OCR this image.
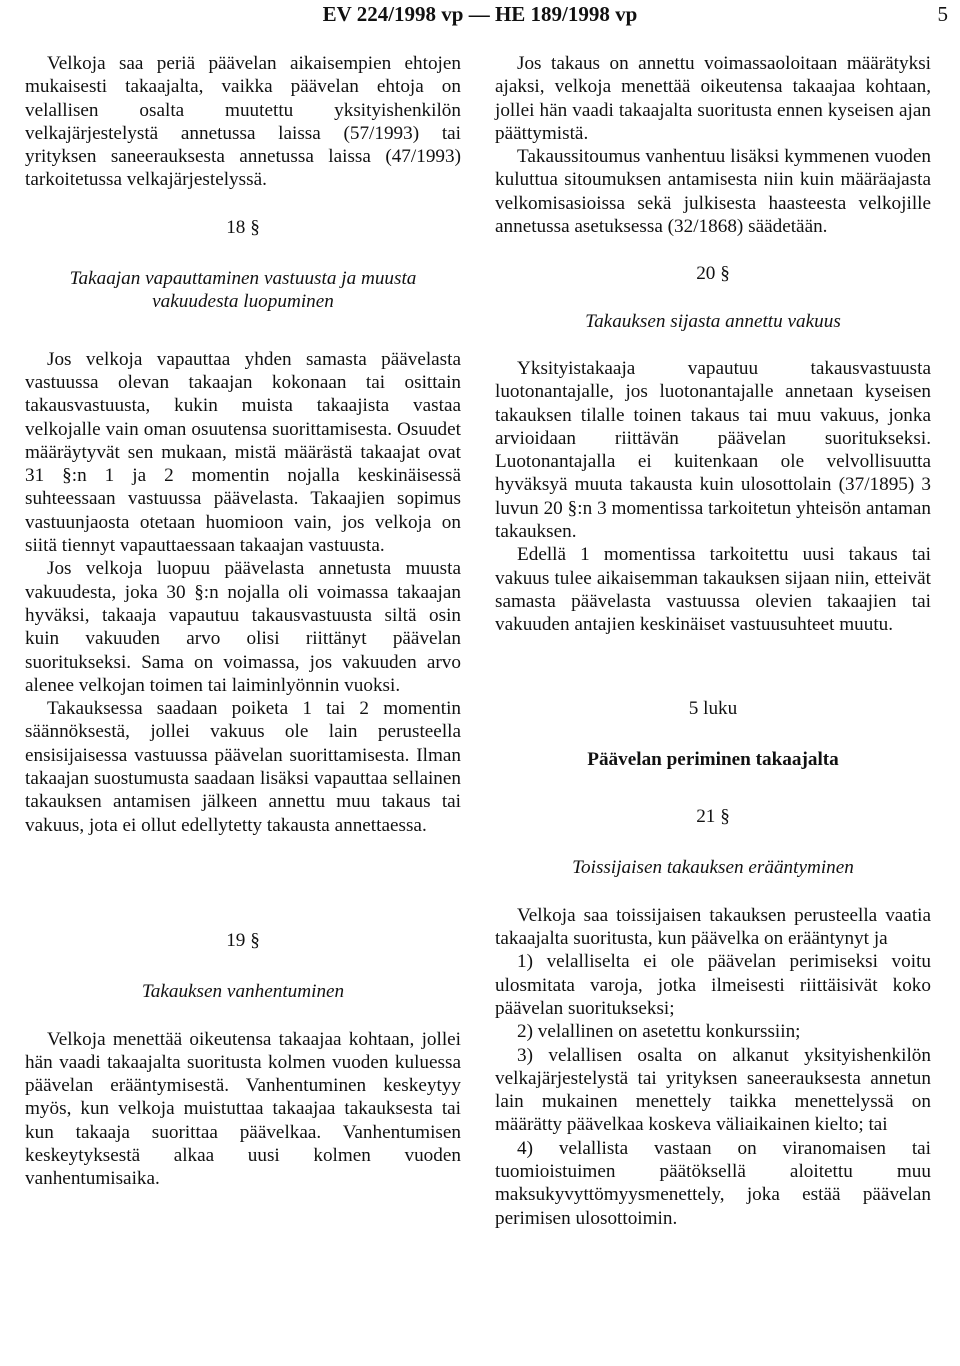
EV 224/1998 vp — HE 189/1998 vp	5

Velkoja saa periä päävelan aikaisempien ehtojen mukaisesti takaajalta, vaikka päävelan ehtoja on velallisen osalta muutettu yksityishenkilön velkajärjestelystä annetussa laissa (57/1993) tai yrityksen saneerauksesta annetussa laissa (47/1993) tarkoitetussa velkajärjestelyssä.

18 §

Takaajan vapauttaminen vastuusta ja muusta vakuudesta luopuminen

Jos velkoja vapauttaa yhden samasta päävelasta vastuussa olevan takaajan kokonaan tai osittain takausvastuusta, kukin muista takaajista vastaa velkojalle vain oman osuutensa suorittamisesta. Osuudet määräytyvät sen mukaan, mistä määrästä takaajat ovat 31 §:n 1 ja 2 momentin nojalla keskinäisessä suhteessaan vastuussa päävelasta. Takaajien sopimus vastuunjaosta otetaan huomioon vain, jos velkoja on siitä tiennyt vapauttaessaan takaajan vastuusta.

Jos velkoja luopuu päävelasta annetusta muusta vakuudesta, joka 30 §:n nojalla oli voimassa takaajan hyväksi, takaaja vapautuu takausvastuusta siltä osin kuin vakuuden arvo olisi riittänyt päävelan suoritukseksi. Sama on voimassa, jos vakuuden arvo alenee velkojan toimen tai laiminlyönnin vuoksi.

Takauksessa saadaan poiketa 1 tai 2 momentin säännöksestä, jollei vakuus ole lain perusteella ensisijaisessa vastuussa päävelan suorittamisesta. Ilman takaajan suostumusta saadaan lisäksi vapauttaa sellainen takauksen antamisen jälkeen annettu muu takaus tai vakuus, jota ei ollut edellytetty takausta annettaessa.

19 §

Takauksen vanhentuminen

Velkoja menettää oikeutensa takaajaa kohtaan, jollei hän vaadi takaajalta suoritusta kolmen vuoden kuluessa päävelan erääntymisestä. Vanhentuminen keskeytyy myös, kun velkoja muistuttaa takaajaa takauksesta tai kun takaaja suorittaa päävelkaa. Vanhentumisen keskeytyksestä alkaa uusi kolmen vuoden vanhentumisaika.

Jos takaus on annettu voimassaoloitaan määrätyksi ajaksi, velkoja menettää oikeutensa takaajaa kohtaan, jollei hän vaadi takaajalta suoritusta ennen kyseisen ajan päättymistä.

Takaussitoumus vanhentuu lisäksi kymmenen vuoden kuluttua sitoumuksen antamisesta niin kuin määräajasta velkomisasioissa sekä julkisesta haasteesta velkojille annetussa asetuksessa (32/1868) säädetään.

20 §

Takauksen sijasta annettu vakuus

Yksityistakaaja vapautuu takausvastuusta luotonantajalle, jos luotonantajalle annetaan kyseisen takauksen tilalle toinen takaus tai muu vakuus, jonka arvioidaan riittävän päävelan suoritukseksi. Luotonantajalla ei kuitenkaan ole velvollisuutta hyväksyä muuta takausta kuin ulosottolain (37/1895) 3 luvun 20 §:n 3 momentissa tarkoitetun yhteisön antaman takauksen.

Edellä 1 momentissa tarkoitettu uusi takaus tai vakuus tulee aikaisemman takauksen sijaan niin, etteivät samasta päävelasta vastuussa olevien takaajien tai vakuuden antajien keskinäiset vastuusuhteet muutu.

5 luku

Päävelan periminen takaajalta

21 §

Toissijaisen takauksen erääntyminen

Velkoja saa toissijaisen takauksen perusteella vaatia takaajalta suoritusta, kun päävelka on erääntynyt ja

1) velalliselta ei ole päävelan perimiseksi voitu ulosmitata varoja, jotka ilmeisesti riittäisivät koko päävelan suoritukseksi;

2) velallinen on asetettu konkurssiin;

3) velallisen osalta on alkanut yksityishenkilön velkajärjestelystä tai yrityksen saneerauksesta annetun lain mukainen menettely taikka menettelyssä on määrätty päävelkaa koskeva väliaikainen kielto; tai

4) velallista vastaan on viranomaisen tai tuomioistuimen päätöksellä aloitettu muu maksukyvyttömyysmenettely, joka estää päävelan perimisen ulosottoimin.
